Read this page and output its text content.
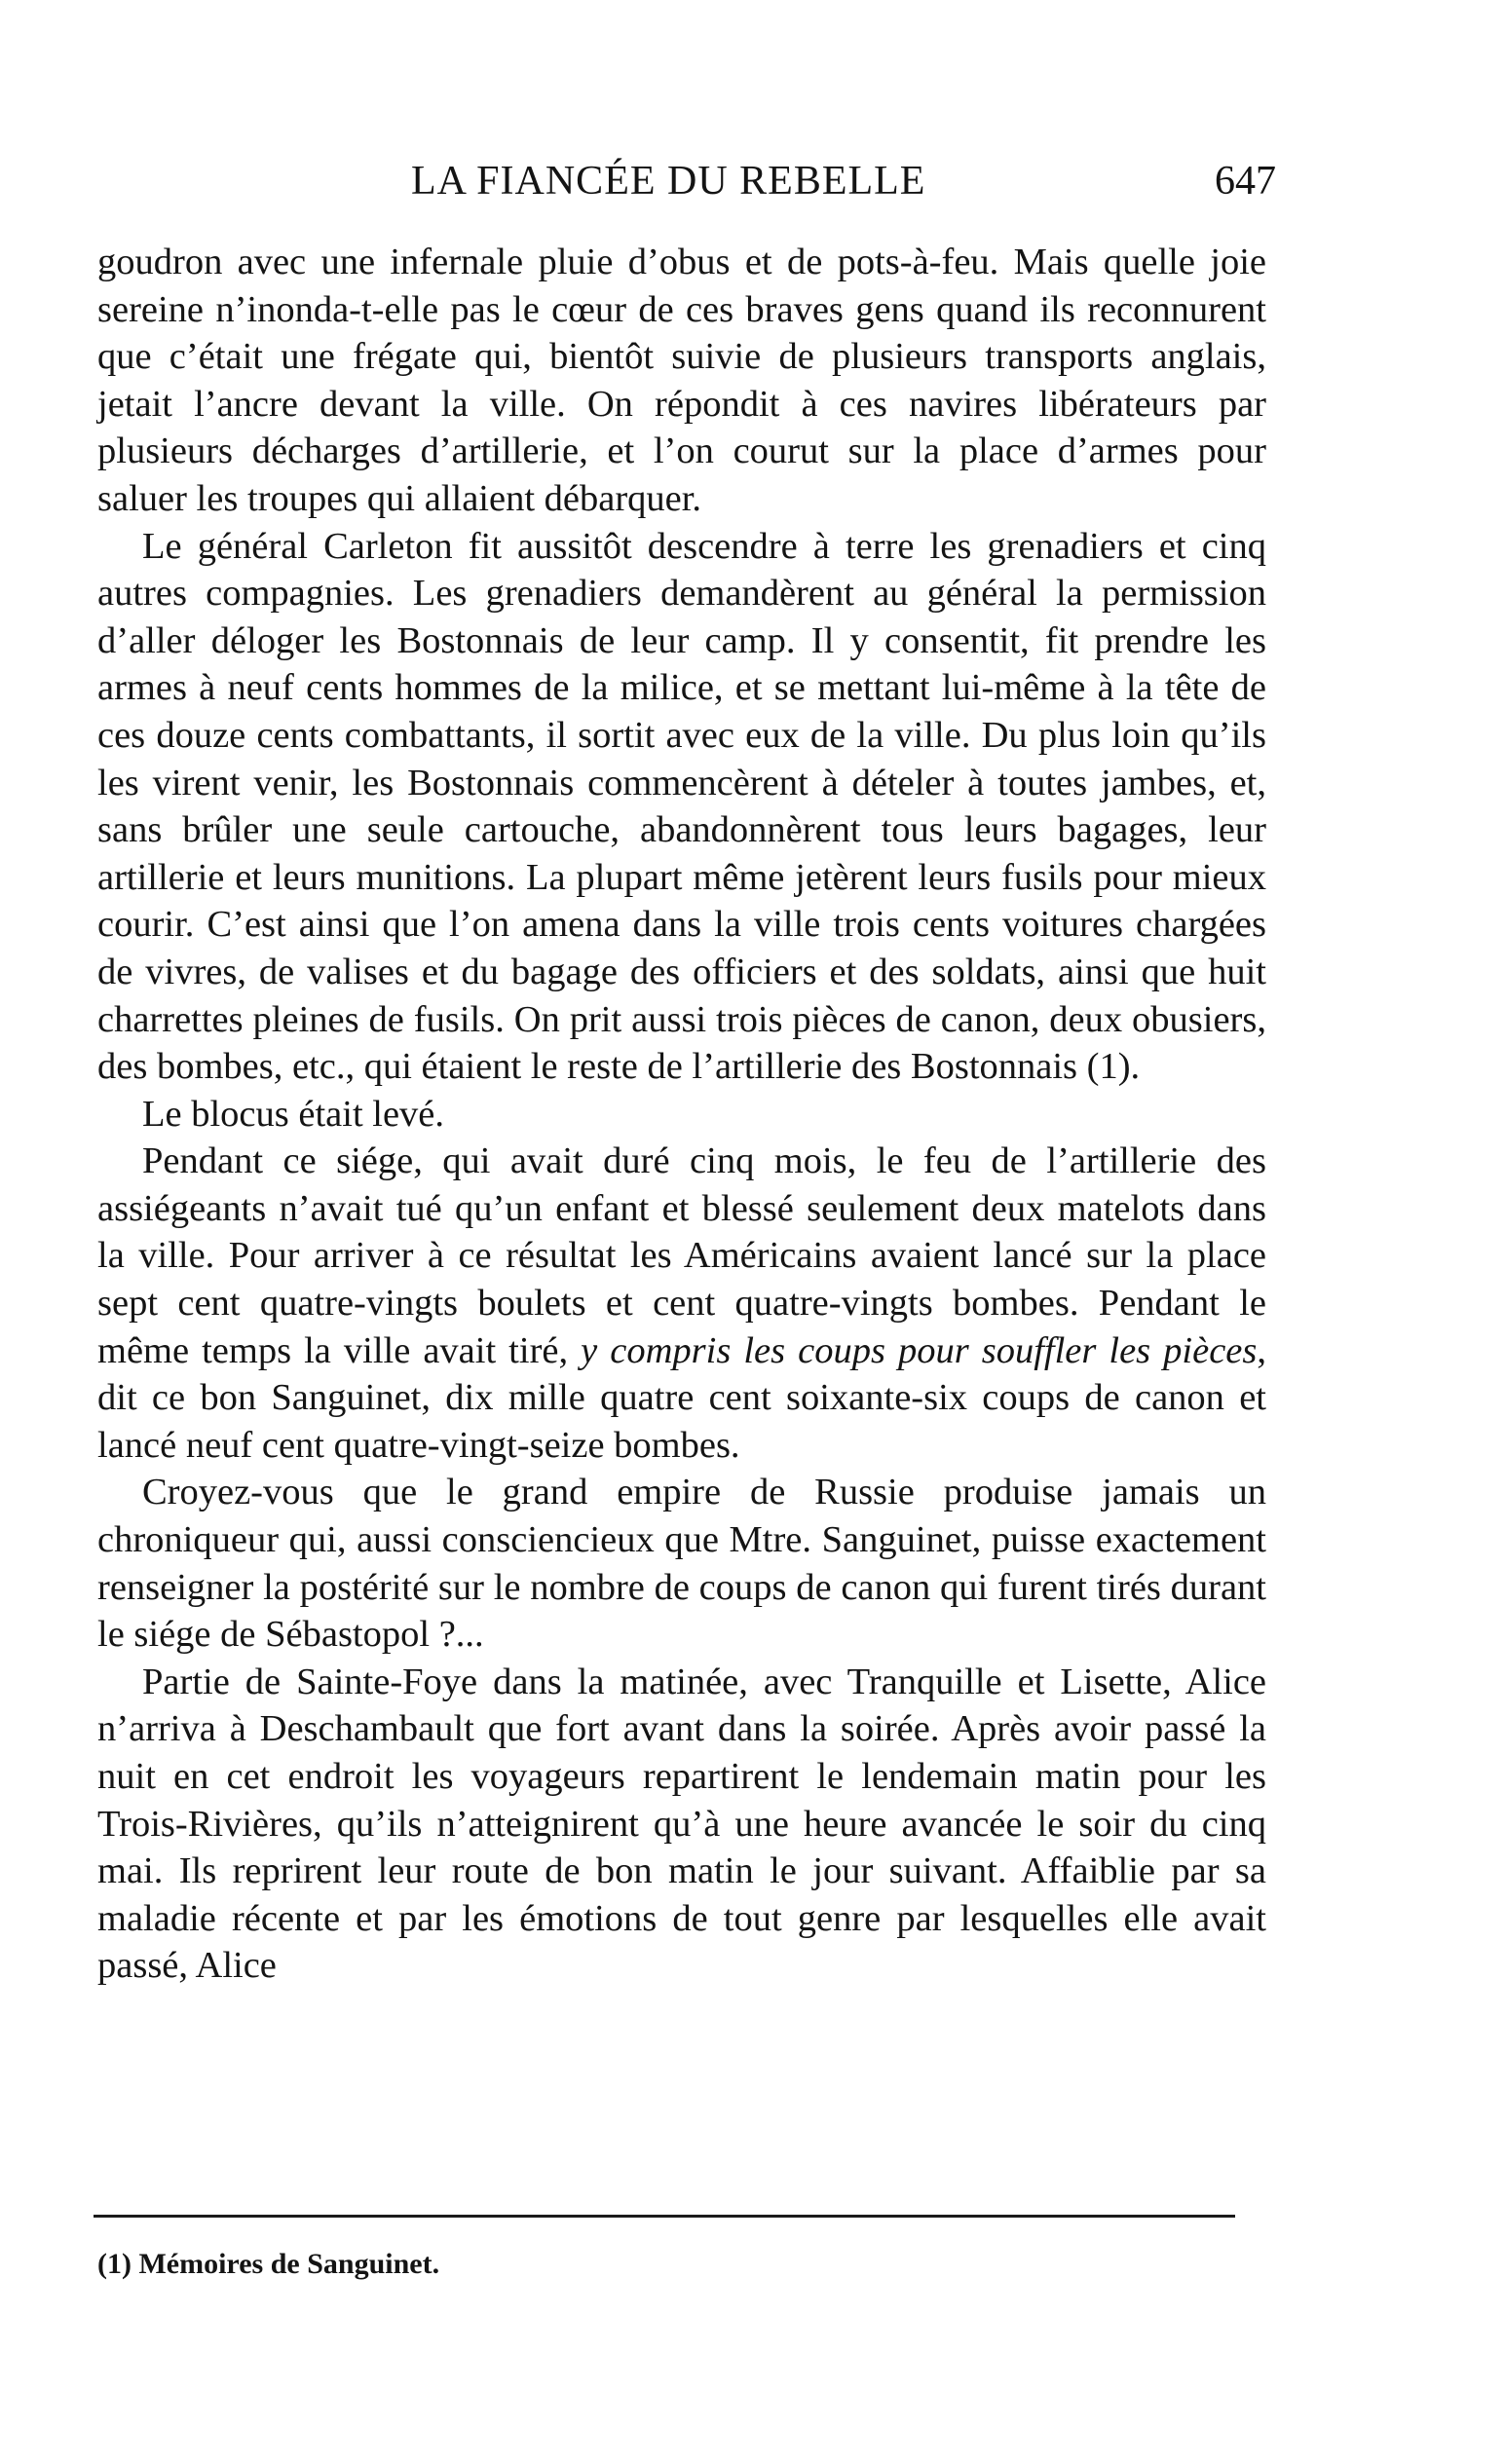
LA FIANCÉE DU REBELLE	647

goudron avec une infernale pluie d’obus et de pots-à-feu. Mais quelle joie sereine n’inonda-t-elle pas le cœur de ces braves gens quand ils reconnurent que c’était une frégate qui, bientôt suivie de plusieurs transports anglais, jetait l’ancre devant la ville. On répondit à ces navires libérateurs par plusieurs décharges d’artillerie, et l’on courut sur la place d’armes pour saluer les troupes qui allaient débarquer.

Le général Carleton fit aussitôt descendre à terre les grenadiers et cinq autres compagnies. Les grenadiers demandèrent au général la permission d’aller déloger les Bostonnais de leur camp. Il y consentit, fit prendre les armes à neuf cents hommes de la milice, et se mettant lui-même à la tête de ces douze cents combattants, il sortit avec eux de la ville. Du plus loin qu’ils les virent venir, les Bostonnais commencèrent à dételer à toutes jambes, et, sans brûler une seule cartouche, abandonnèrent tous leurs bagages, leur artillerie et leurs munitions. La plupart même jetèrent leurs fusils pour mieux courir. C’est ainsi que l’on amena dans la ville trois cents voitures chargées de vivres, de valises et du bagage des officiers et des soldats, ainsi que huit charrettes pleines de fusils. On prit aussi trois pièces de canon, deux obusiers, des bombes, etc., qui étaient le reste de l’artillerie des Bostonnais (1).

Le blocus était levé.

Pendant ce siége, qui avait duré cinq mois, le feu de l’artillerie des assiégeants n’avait tué qu’un enfant et blessé seulement deux matelots dans la ville. Pour arriver à ce résultat les Américains avaient lancé sur la place sept cent quatre-vingts boulets et cent quatre-vingts bombes. Pendant le même temps la ville avait tiré, y compris les coups pour souffler les pièces, dit ce bon Sanguinet, dix mille quatre cent soixante-six coups de canon et lancé neuf cent quatre-vingt-seize bombes.

Croyez-vous que le grand empire de Russie produise jamais un chroniqueur qui, aussi consciencieux que Mtre. Sanguinet, puisse exactement renseigner la postérité sur le nombre de coups de canon qui furent tirés durant le siége de Sébastopol ?...

Partie de Sainte-Foye dans la matinée, avec Tranquille et Lisette, Alice n’arriva à Deschambault que fort avant dans la soirée. Après avoir passé la nuit en cet endroit les voyageurs repartirent le lendemain matin pour les Trois-Rivières, qu’ils n’atteignirent qu’à une heure avancée le soir du cinq mai. Ils reprirent leur route de bon matin le jour suivant. Affaiblie par sa maladie récente et par les émotions de tout genre par lesquelles elle avait passé, Alice

(1) Mémoires de Sanguinet.
